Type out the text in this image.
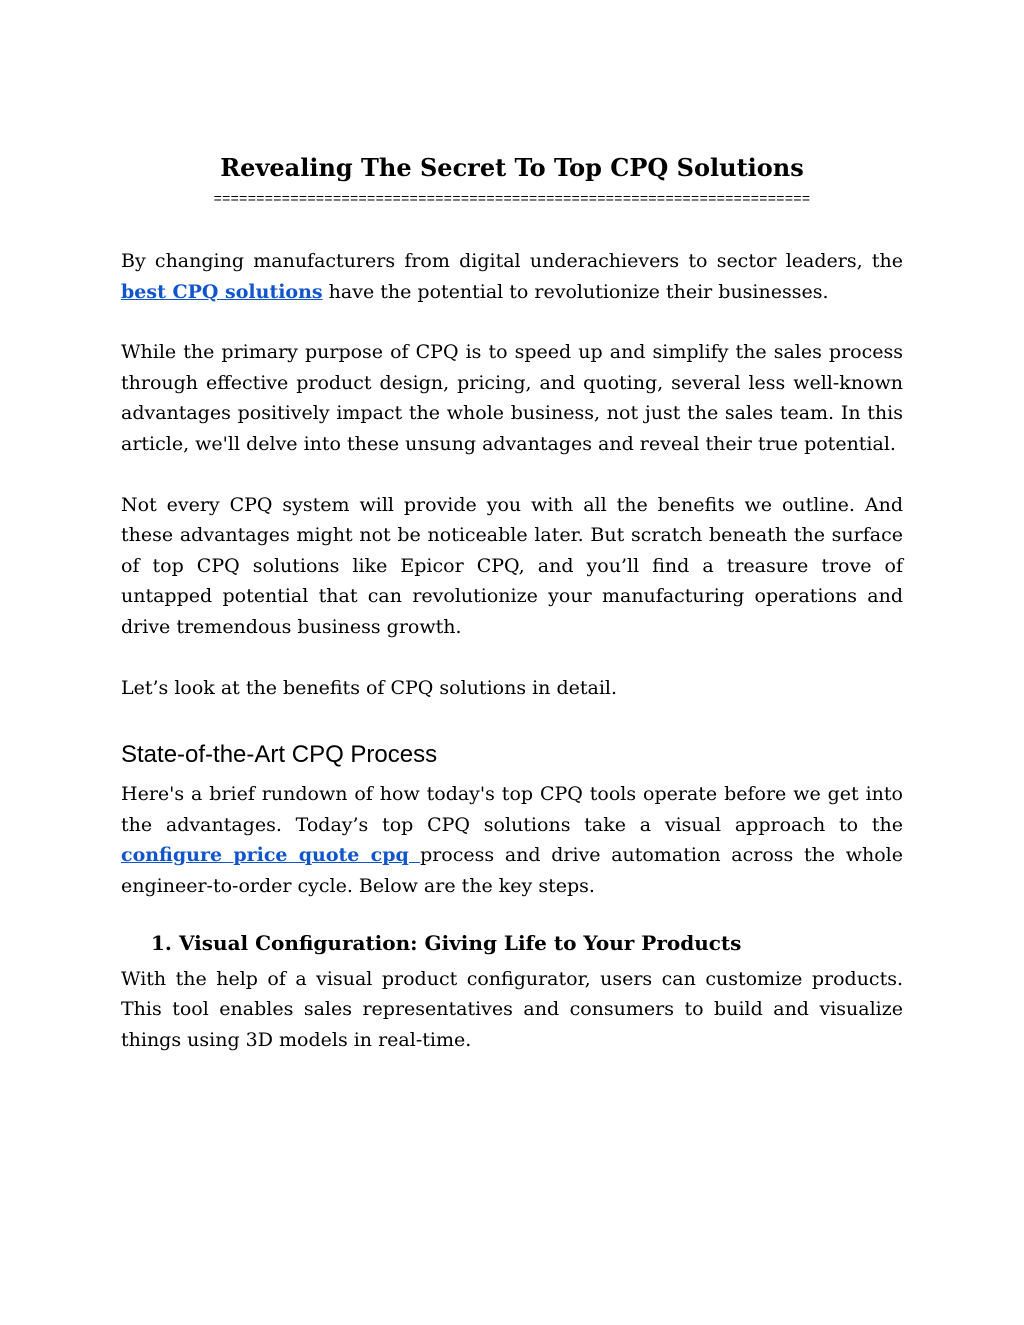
Revealing The Secret To Top CPQ Solutions
======================================================================

By changing manufacturers from digital underachievers to sector leaders, the best CPQ solutions have the potential to revolutionize their businesses.

While the primary purpose of CPQ is to speed up and simplify the sales process through effective product design, pricing, and quoting, several less well-known advantages positively impact the whole business, not just the sales team. In this article, we'll delve into these unsung advantages and reveal their true potential.

Not every CPQ system will provide you with all the benefits we outline. And these advantages might not be noticeable later. But scratch beneath the surface of top CPQ solutions like Epicor CPQ, and you’ll find a treasure trove of untapped potential that can revolutionize your manufacturing operations and drive tremendous business growth.

Let’s look at the benefits of CPQ solutions in detail.

State-of-the-Art CPQ Process

Here's a brief rundown of how today's top CPQ tools operate before we get into the advantages. Today’s top CPQ solutions take a visual approach to the configure price quote cpq process and drive automation across the whole engineer-to-order cycle. Below are the key steps.

1. Visual Configuration: Giving Life to Your Products

With the help of a visual product configurator, users can customize products. This tool enables sales representatives and consumers to build and visualize things using 3D models in real-time.
